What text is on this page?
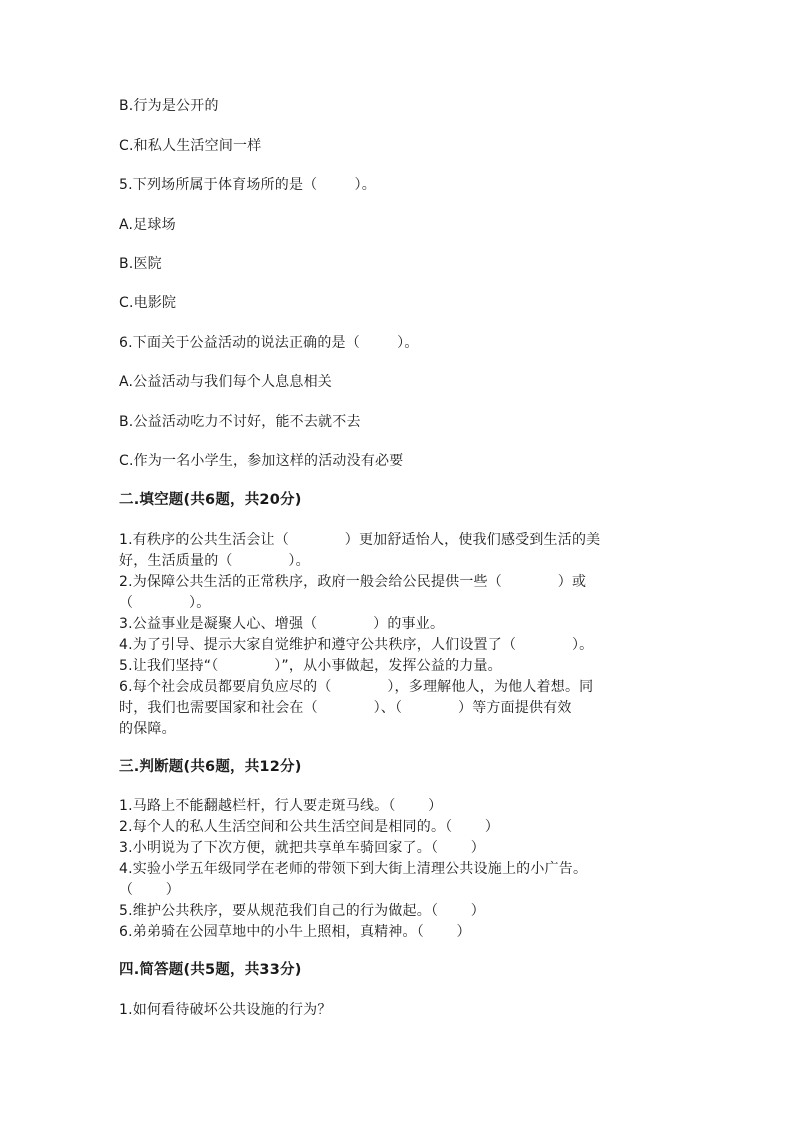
B.行为是公开的
C.和私人生活空间一样
5.下列场所属于体育场所的是（        ）。
A.足球场
B.医院
C.电影院
6.下面关于公益活动的说法正确的是（        ）。
A.公益活动与我们每个人息息相关
B.公益活动吃力不讨好，能不去就不去
C.作为一名小学生，参加这样的活动没有必要
二.填空题(共6题，共20分)
1.有秩序的公共生活会让（            ）更加舒适怡人，使我们感受到生活的美
好，生活质量的（            ）。
2.为保障公共生活的正常秩序，政府一般会给公民提供一些（            ）或
（            ）。
3.公益事业是凝聚人心、增强（            ）的事业。
4.为了引导、提示大家自觉维护和遵守公共秩序，人们设置了（            ）。
5.让我们坚持“（            ）”，从小事做起，发挥公益的力量。
6.每个社会成员都要肩负应尽的（            ），多理解他人，为他人着想。同
时，我们也需要国家和社会在（            ）、（            ）等方面提供有效
的保障。
三.判断题(共6题，共12分)
1.马路上不能翻越栏杆，行人要走斑马线。（       ）
2.每个人的私人生活空间和公共生活空间是相同的。（       ）
3.小明说为了下次方便，就把共享单车骑回家了。（       ）
4.实验小学五年级同学在老师的带领下到大街上清理公共设施上的小广告。
（       ）
5.维护公共秩序，要从规范我们自己的行为做起。（       ）
6.弟弟骑在公园草地中的小牛上照相，真精神。（       ）
四.简答题(共5题，共33分)
1.如何看待破坏公共设施的行为？
